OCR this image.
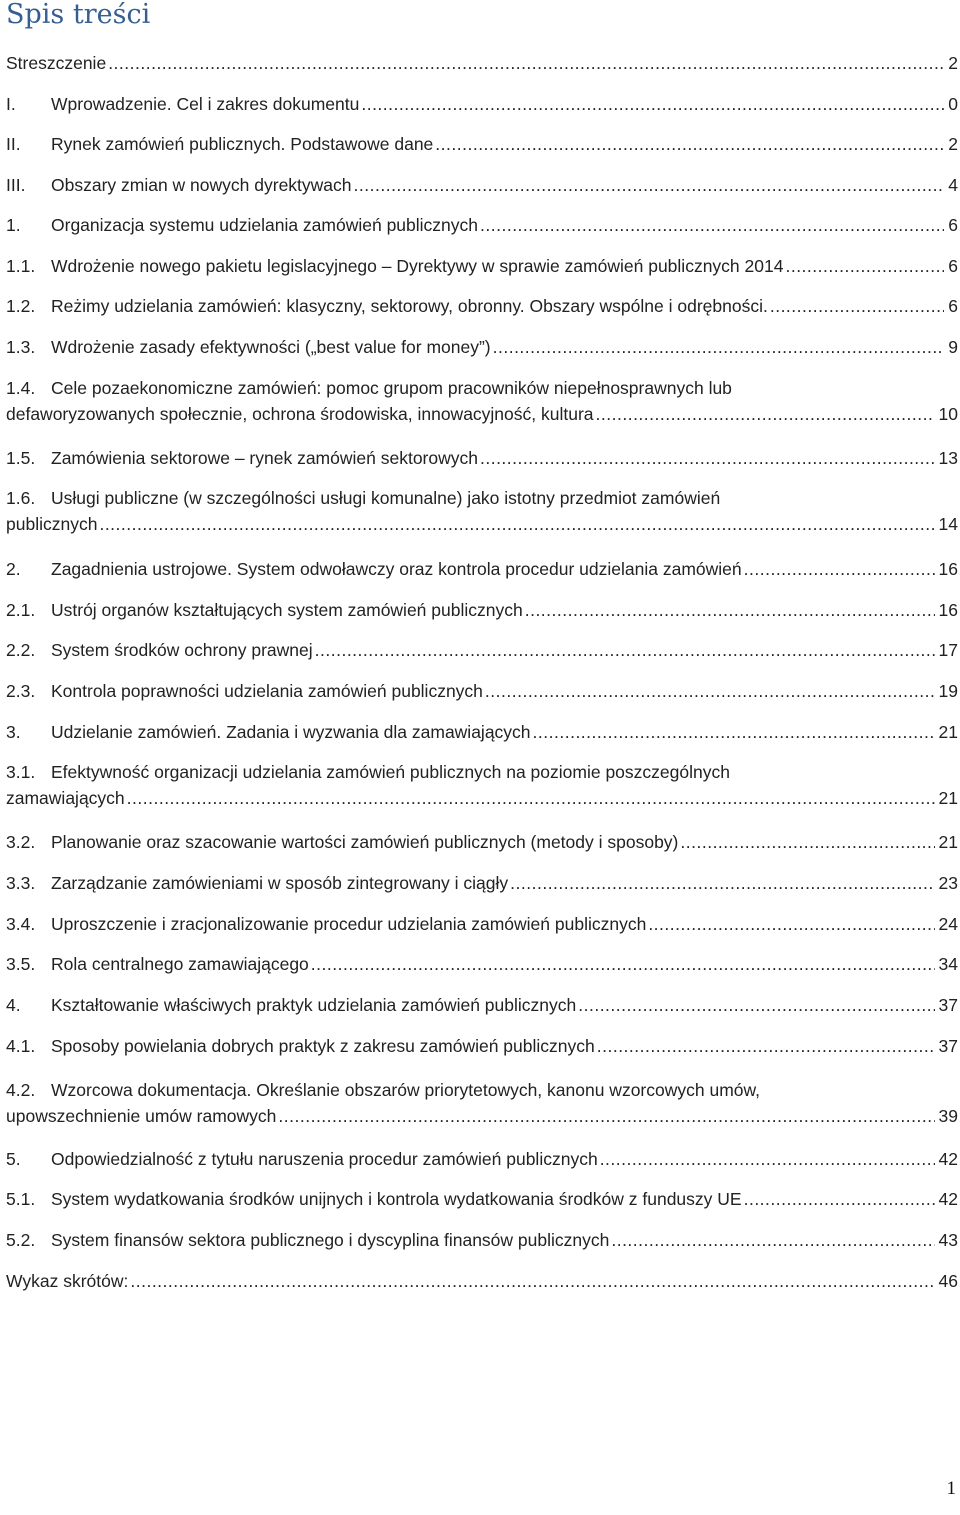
Spis treści
Streszczenie .....	2
I.	Wprowadzenie. Cel i zakres dokumentu .....	0
II.	Rynek zamówień publicznych. Podstawowe dane .....	2
III.	Obszary zmian w nowych dyrektywach .....	4
1.	Organizacja systemu udzielania zamówień publicznych .....	6
1.1. Wdrożenie nowego pakietu legislacyjnego – Dyrektywy w sprawie zamówień publicznych 2014 .....	6
1.2. Reżimy udzielania zamówień: klasyczny, sektorowy, obronny. Obszary wspólne i odrębności. .....	6
1.3. Wdrożenie zasady efektywności („best value for money”) .....	9
1.4. Cele pozaekonomiczne zamówień: pomoc grupom pracowników niepełnosprawnych lub
defaworyzowanych społecznie, ochrona środowiska, innowacyjność, kultura .....	10
1.5. Zamówienia sektorowe – rynek zamówień sektorowych .....	13
1.6. Usługi publiczne (w szczególności usługi komunalne) jako istotny przedmiot zamówień
publicznych .....	14
2.	Zagadnienia ustrojowe. System odwoławczy oraz kontrola procedur udzielania zamówień .....	16
2.1. Ustrój organów kształtujących system zamówień publicznych .....	16
2.2. System środków ochrony prawnej .....	17
2.3. Kontrola poprawności udzielania zamówień publicznych .....	19
3.	Udzielanie zamówień. Zadania i wyzwania dla zamawiających .....	21
3.1. Efektywność organizacji udzielania zamówień publicznych na poziomie poszczególnych
zamawiających .....	21
3.2. Planowanie oraz szacowanie wartości zamówień publicznych (metody i sposoby) .....	21
3.3. Zarządzanie zamówieniami w sposób zintegrowany i ciągły .....	23
3.4. Uproszczenie i zracjonalizowanie procedur udzielania zamówień publicznych .....	24
3.5. Rola centralnego zamawiającego .....	34
4.	Kształtowanie właściwych praktyk udzielania zamówień publicznych .....	37
4.1. Sposoby powielania dobrych praktyk z zakresu zamówień publicznych .....	37
4.2. Wzorcowa dokumentacja. Określanie obszarów priorytetowych, kanonu wzorcowych umów,
upowszechnienie umów ramowych .....	39
5.	Odpowiedzialność z tytułu naruszenia procedur zamówień publicznych .....	42
5.1. System wydatkowania środków unijnych i kontrola wydatkowania środków z funduszy UE .....	42
5.2. System finansów sektora publicznego i dyscyplina finansów publicznych .....	43
Wykaz skrótów: .....	46
1
